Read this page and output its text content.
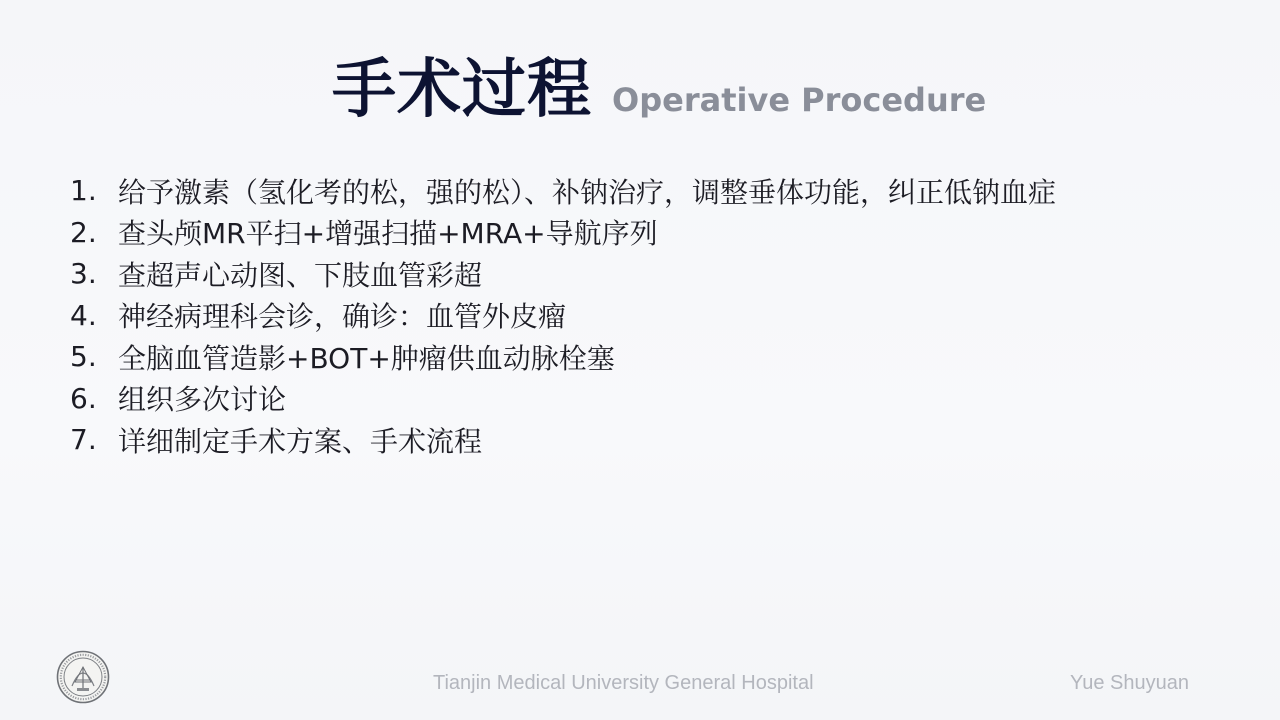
手术过程 Operative Procedure
1. 给予激素（氢化考的松，强的松）、补钠治疗，调整垂体功能，纠正低钠血症
2. 查头颅MR平扫+增强扫描+MRA+导航序列
3. 查超声心动图、下肢血管彩超
4. 神经病理科会诊，确诊：血管外皮瘤
5. 全脑血管造影+BOT+肿瘤供血动脉栓塞
6. 组织多次讨论
7. 详细制定手术方案、手术流程
Tianjin Medical University General Hospital	Yue Shuyuan
